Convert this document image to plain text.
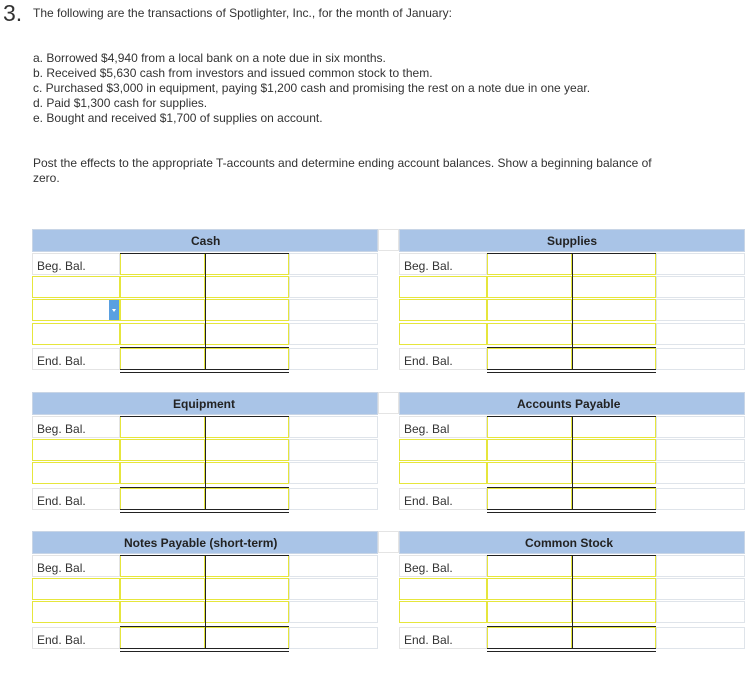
3. The following are the transactions of Spotlighter, Inc., for the month of January:
a. Borrowed $4,940 from a local bank on a note due in six months.
b. Received $5,630 cash from investors and issued common stock to them.
c. Purchased $3,000 in equipment, paying $1,200 cash and promising the rest on a note due in one year.
d. Paid $1,300 cash for supplies.
e. Bought and received $1,700 of supplies on account.
Post the effects to the appropriate T-accounts and determine ending account balances. Show a beginning balance of zero.
Cash
Beg. Bal.
End. Bal.
Supplies
Beg. Bal.
End. Bal.
Equipment
Beg. Bal.
End. Bal.
Accounts Payable
Beg. Bal
End. Bal.
Notes Payable (short-term)
Beg. Bal.
End. Bal.
Common Stock
Beg. Bal.
End. Bal.
